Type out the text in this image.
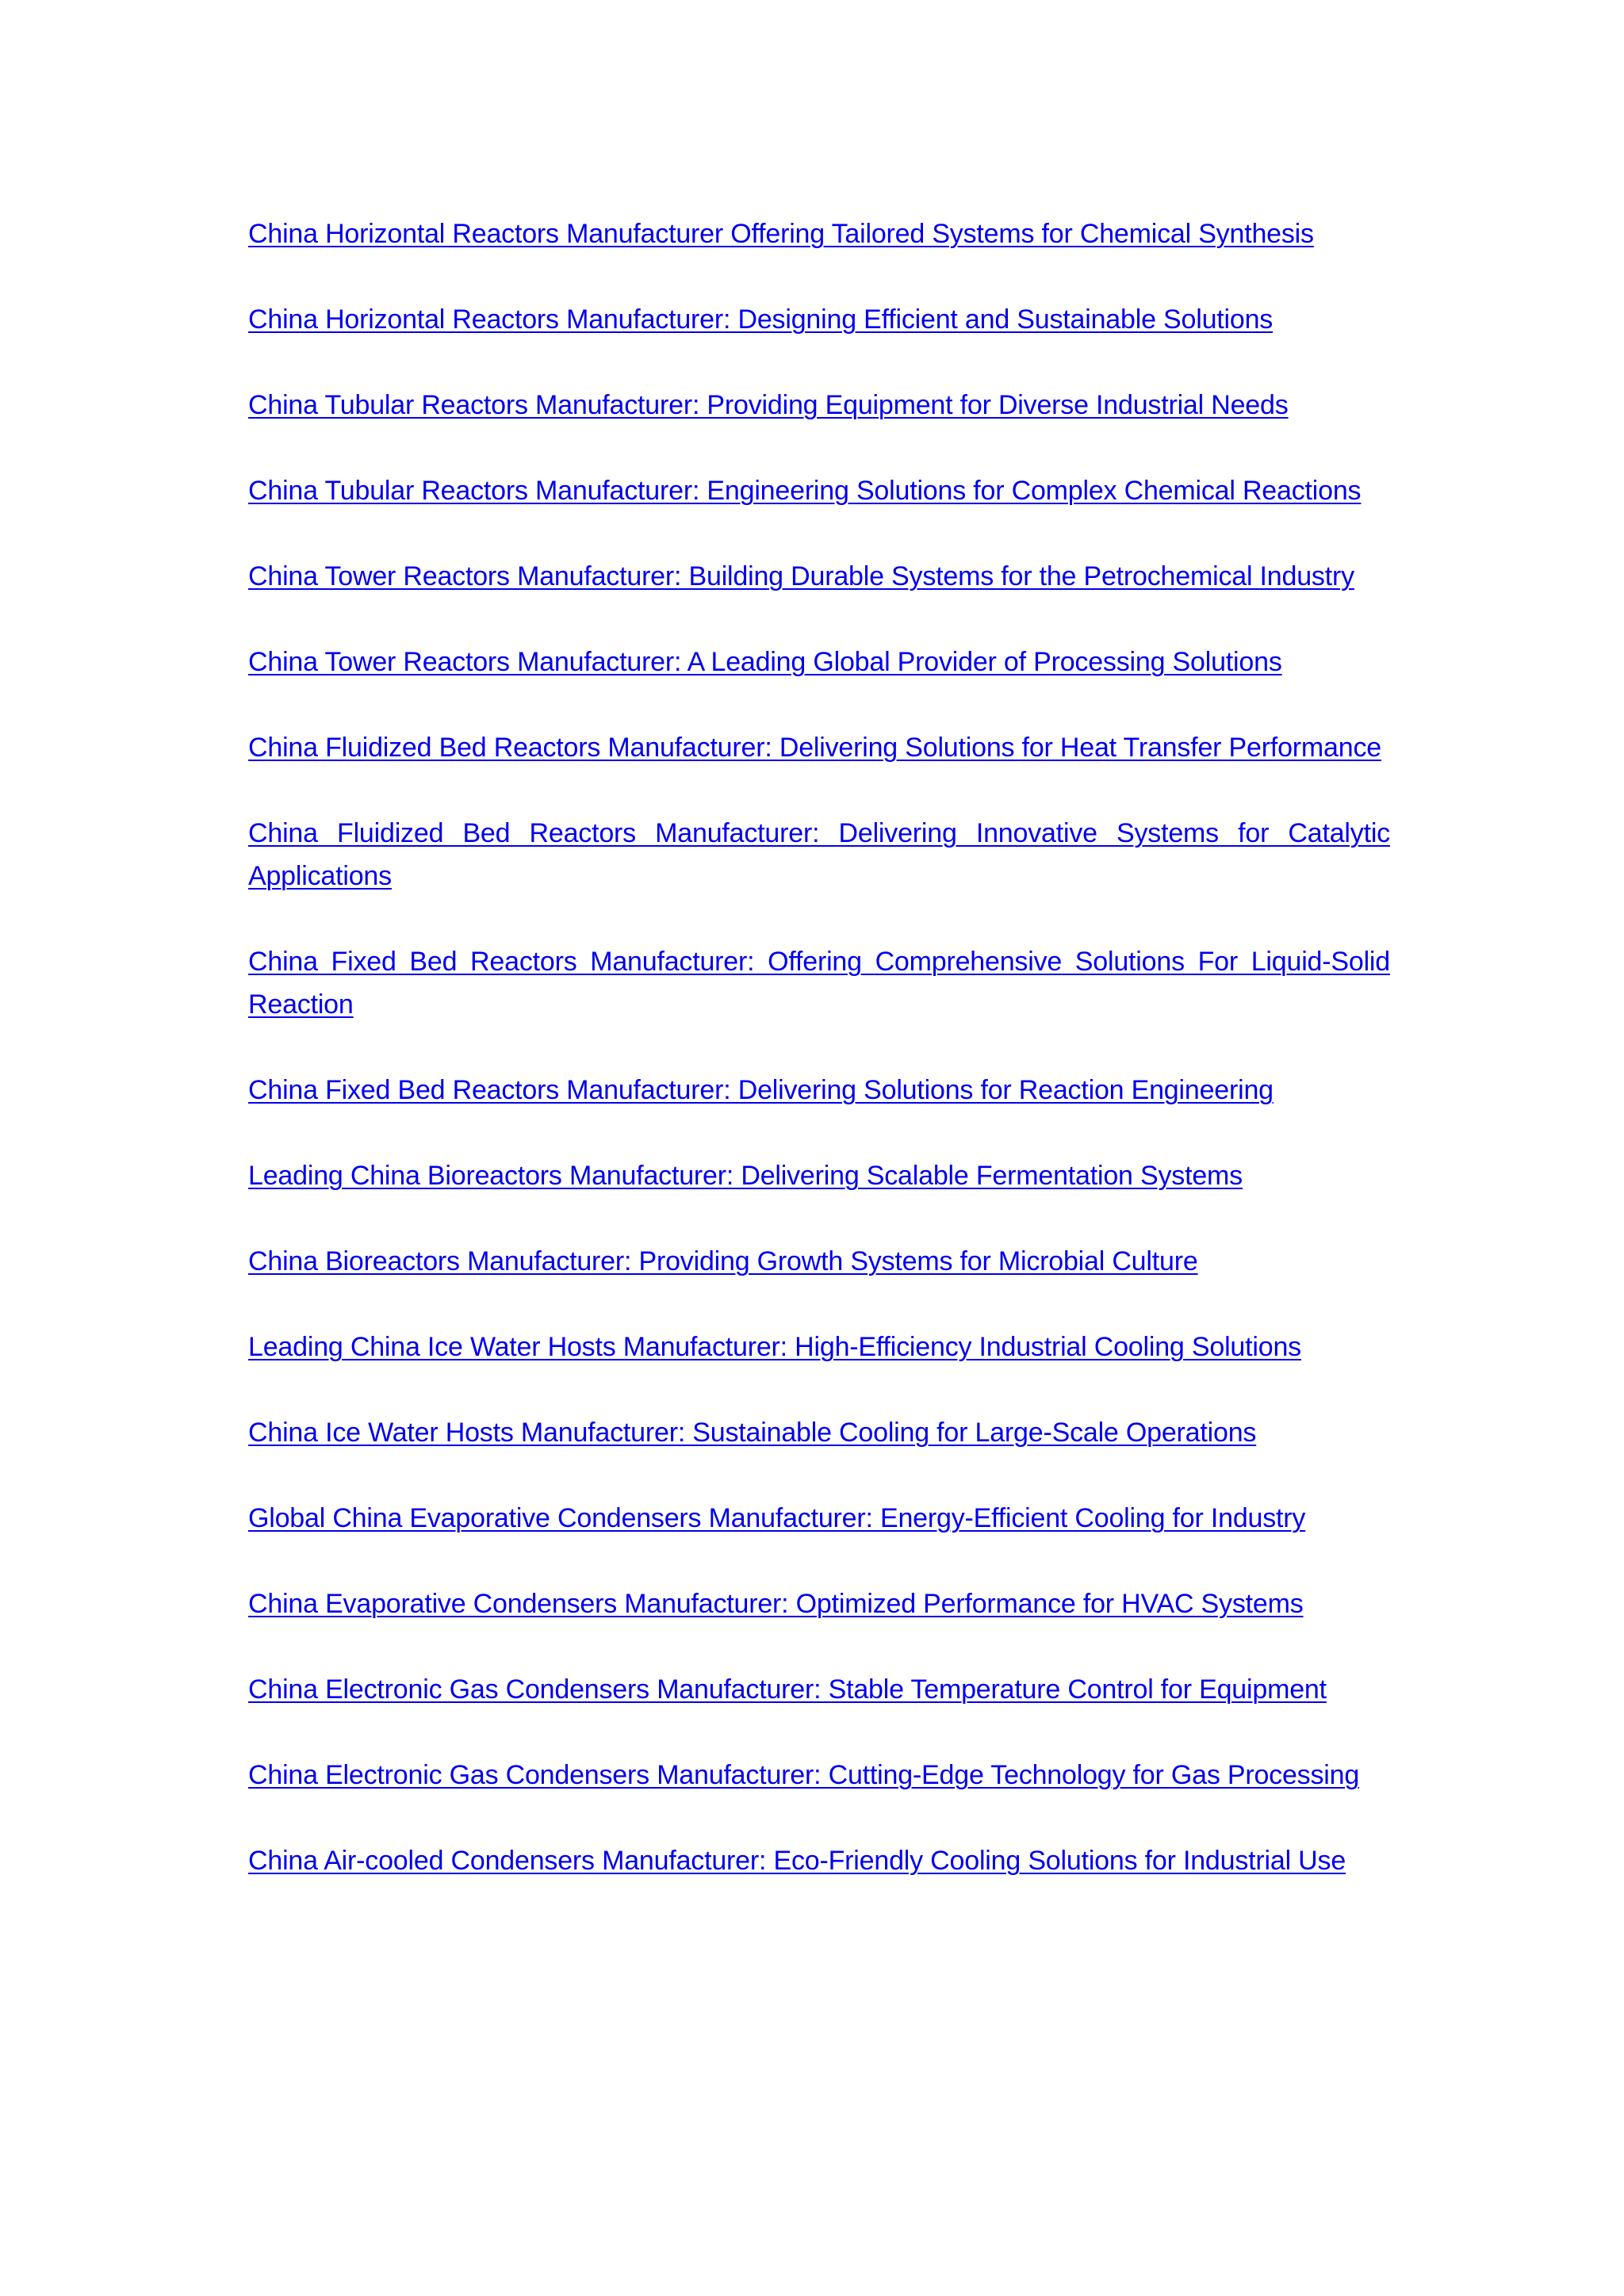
China Horizontal Reactors Manufacturer Offering Tailored Systems for Chemical Synthesis
China Horizontal Reactors Manufacturer: Designing Efficient and Sustainable Solutions
China Tubular Reactors Manufacturer: Providing Equipment for Diverse Industrial Needs
China Tubular Reactors Manufacturer: Engineering Solutions for Complex Chemical Reactions
China Tower Reactors Manufacturer: Building Durable Systems for the Petrochemical Industry
China Tower Reactors Manufacturer: A Leading Global Provider of Processing Solutions
China Fluidized Bed Reactors Manufacturer: Delivering Solutions for Heat Transfer Performance
China Fluidized Bed Reactors Manufacturer: Delivering Innovative Systems for Catalytic Applications
China Fixed Bed Reactors Manufacturer: Offering Comprehensive Solutions For Liquid-Solid Reaction
China Fixed Bed Reactors Manufacturer: Delivering Solutions for Reaction Engineering
Leading China Bioreactors Manufacturer: Delivering Scalable Fermentation Systems
China Bioreactors Manufacturer: Providing Growth Systems for Microbial Culture
Leading China Ice Water Hosts Manufacturer: High-Efficiency Industrial Cooling Solutions
China Ice Water Hosts Manufacturer: Sustainable Cooling for Large-Scale Operations
Global China Evaporative Condensers Manufacturer: Energy-Efficient Cooling for Industry
China Evaporative Condensers Manufacturer: Optimized Performance for HVAC Systems
China Electronic Gas Condensers Manufacturer: Stable Temperature Control for Equipment
China Electronic Gas Condensers Manufacturer: Cutting-Edge Technology for Gas Processing
China Air-cooled Condensers Manufacturer: Eco-Friendly Cooling Solutions for Industrial Use
